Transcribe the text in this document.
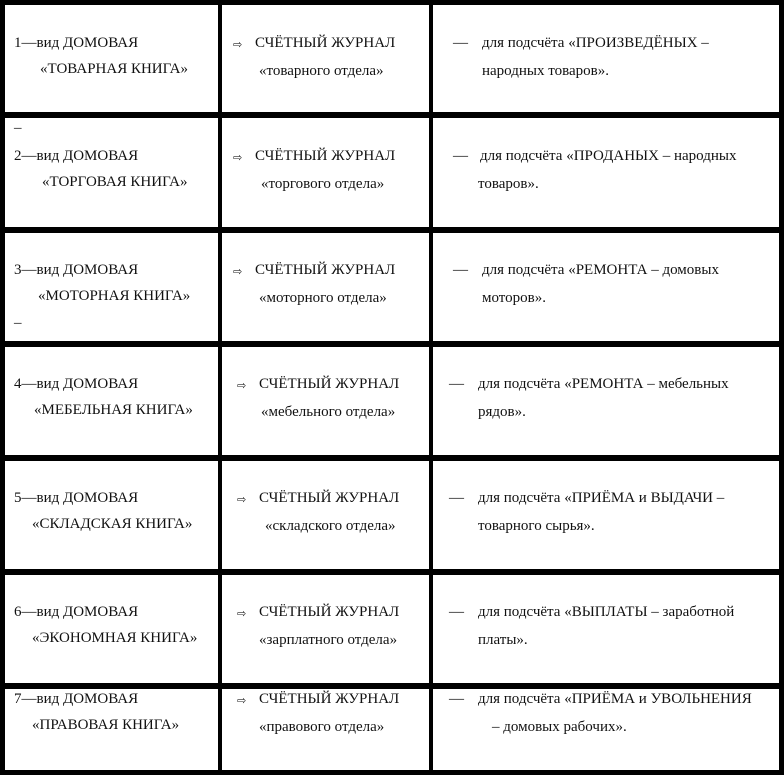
1—вид ДОМОВАЯ
«ТОВАРНАЯ КНИГА»
⇨ СЧЁТНЫЙ ЖУРНАЛ
«товарного отдела»
— для подсчёта «ПРОИЗВЕДЁНЫХ –
народных товаров».
–
2—вид ДОМОВАЯ
«ТОРГОВАЯ КНИГА»
⇨ СЧЁТНЫЙ ЖУРНАЛ
«торгового отдела»
— для подсчёта «ПРОДАНЫХ – народных
товаров».
3—вид ДОМОВАЯ
«МОТОРНАЯ КНИГА»
–
⇨ СЧЁТНЫЙ ЖУРНАЛ
«моторного отдела»
— для подсчёта «РЕМОНТА – домовых
моторов».
4—вид ДОМОВАЯ
«МЕБЕЛЬНАЯ КНИГА»
⇨ СЧЁТНЫЙ ЖУРНАЛ
«мебельного отдела»
— для подсчёта «РЕМОНТА – мебельных
рядов».
5—вид ДОМОВАЯ
«СКЛАДСКАЯ КНИГА»
⇨ СЧЁТНЫЙ ЖУРНАЛ
«складского отдела»
— для подсчёта «ПРИЁМА и ВЫДАЧИ –
товарного сырья».
6—вид ДОМОВАЯ
«ЭКОНОМНАЯ КНИГА»
⇨ СЧЁТНЫЙ ЖУРНАЛ
«зарплатного отдела»
— для подсчёта «ВЫПЛАТЫ – заработной
платы».
7—вид ДОМОВАЯ
«ПРАВОВАЯ КНИГА»
⇨ СЧЁТНЫЙ ЖУРНАЛ
«правового отдела»
— для подсчёта «ПРИЁМА и УВОЛЬНЕНИЯ
– домовых рабочих».
